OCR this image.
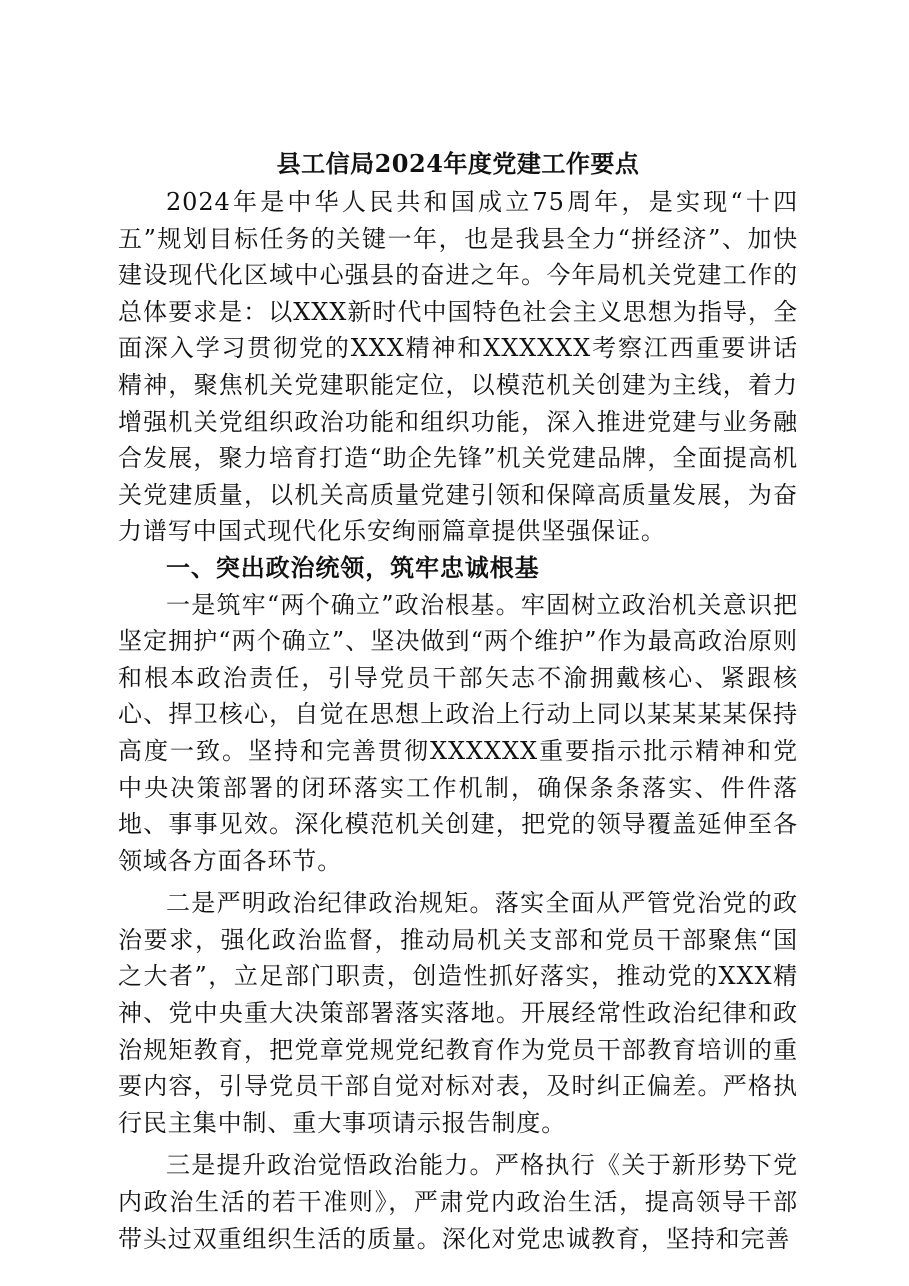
县工信局2024年度党建工作要点

2024年是中华人民共和国成立75周年，是实现“十四五”规划目标任务的关键一年，也是我县全力“拼经济”、加快建设现代化区域中心强县的奋进之年。今年局机关党建工作的总体要求是：以XXX新时代中国特色社会主义思想为指导，全面深入学习贯彻党的XXX精神和XXXXXX考察江西重要讲话精神，聚焦机关党建职能定位，以模范机关创建为主线，着力增强机关党组织政治功能和组织功能，深入推进党建与业务融合发展，聚力培育打造“助企先锋”机关党建品牌，全面提高机关党建质量，以机关高质量党建引领和保障高质量发展，为奋力谱写中国式现代化乐安绚丽篇章提供坚强保证。

一、突出政治统领，筑牢忠诚根基

一是筑牢“两个确立”政治根基。牢固树立政治机关意识把坚定拥护“两个确立”、坚决做到“两个维护”作为最高政治原则和根本政治责任，引导党员干部矢志不渝拥戴核心、紧跟核心、捍卫核心，自觉在思想上政治上行动上同以某某某某保持高度一致。坚持和完善贯彻XXXXXX重要指示批示精神和党中央决策部署的闭环落实工作机制，确保条条落实、件件落地、事事见效。深化模范机关创建，把党的领导覆盖延伸至各领域各方面各环节。

二是严明政治纪律政治规矩。落实全面从严管党治党的政治要求，强化政治监督，推动局机关支部和党员干部聚焦“国之大者”，立足部门职责，创造性抓好落实，推动党的XXX精神、党中央重大决策部署落实落地。开展经常性政治纪律和政治规矩教育，把党章党规党纪教育作为党员干部教育培训的重要内容，引导党员干部自觉对标对表，及时纠正偏差。严格执行民主集中制、重大事项请示报告制度。

三是提升政治觉悟政治能力。严格执行《关于新形势下党内政治生活的若干准则》，严肃党内政治生活，提高领导干部带头过双重组织生活的质量。深化对党忠诚教育，坚持和完善
